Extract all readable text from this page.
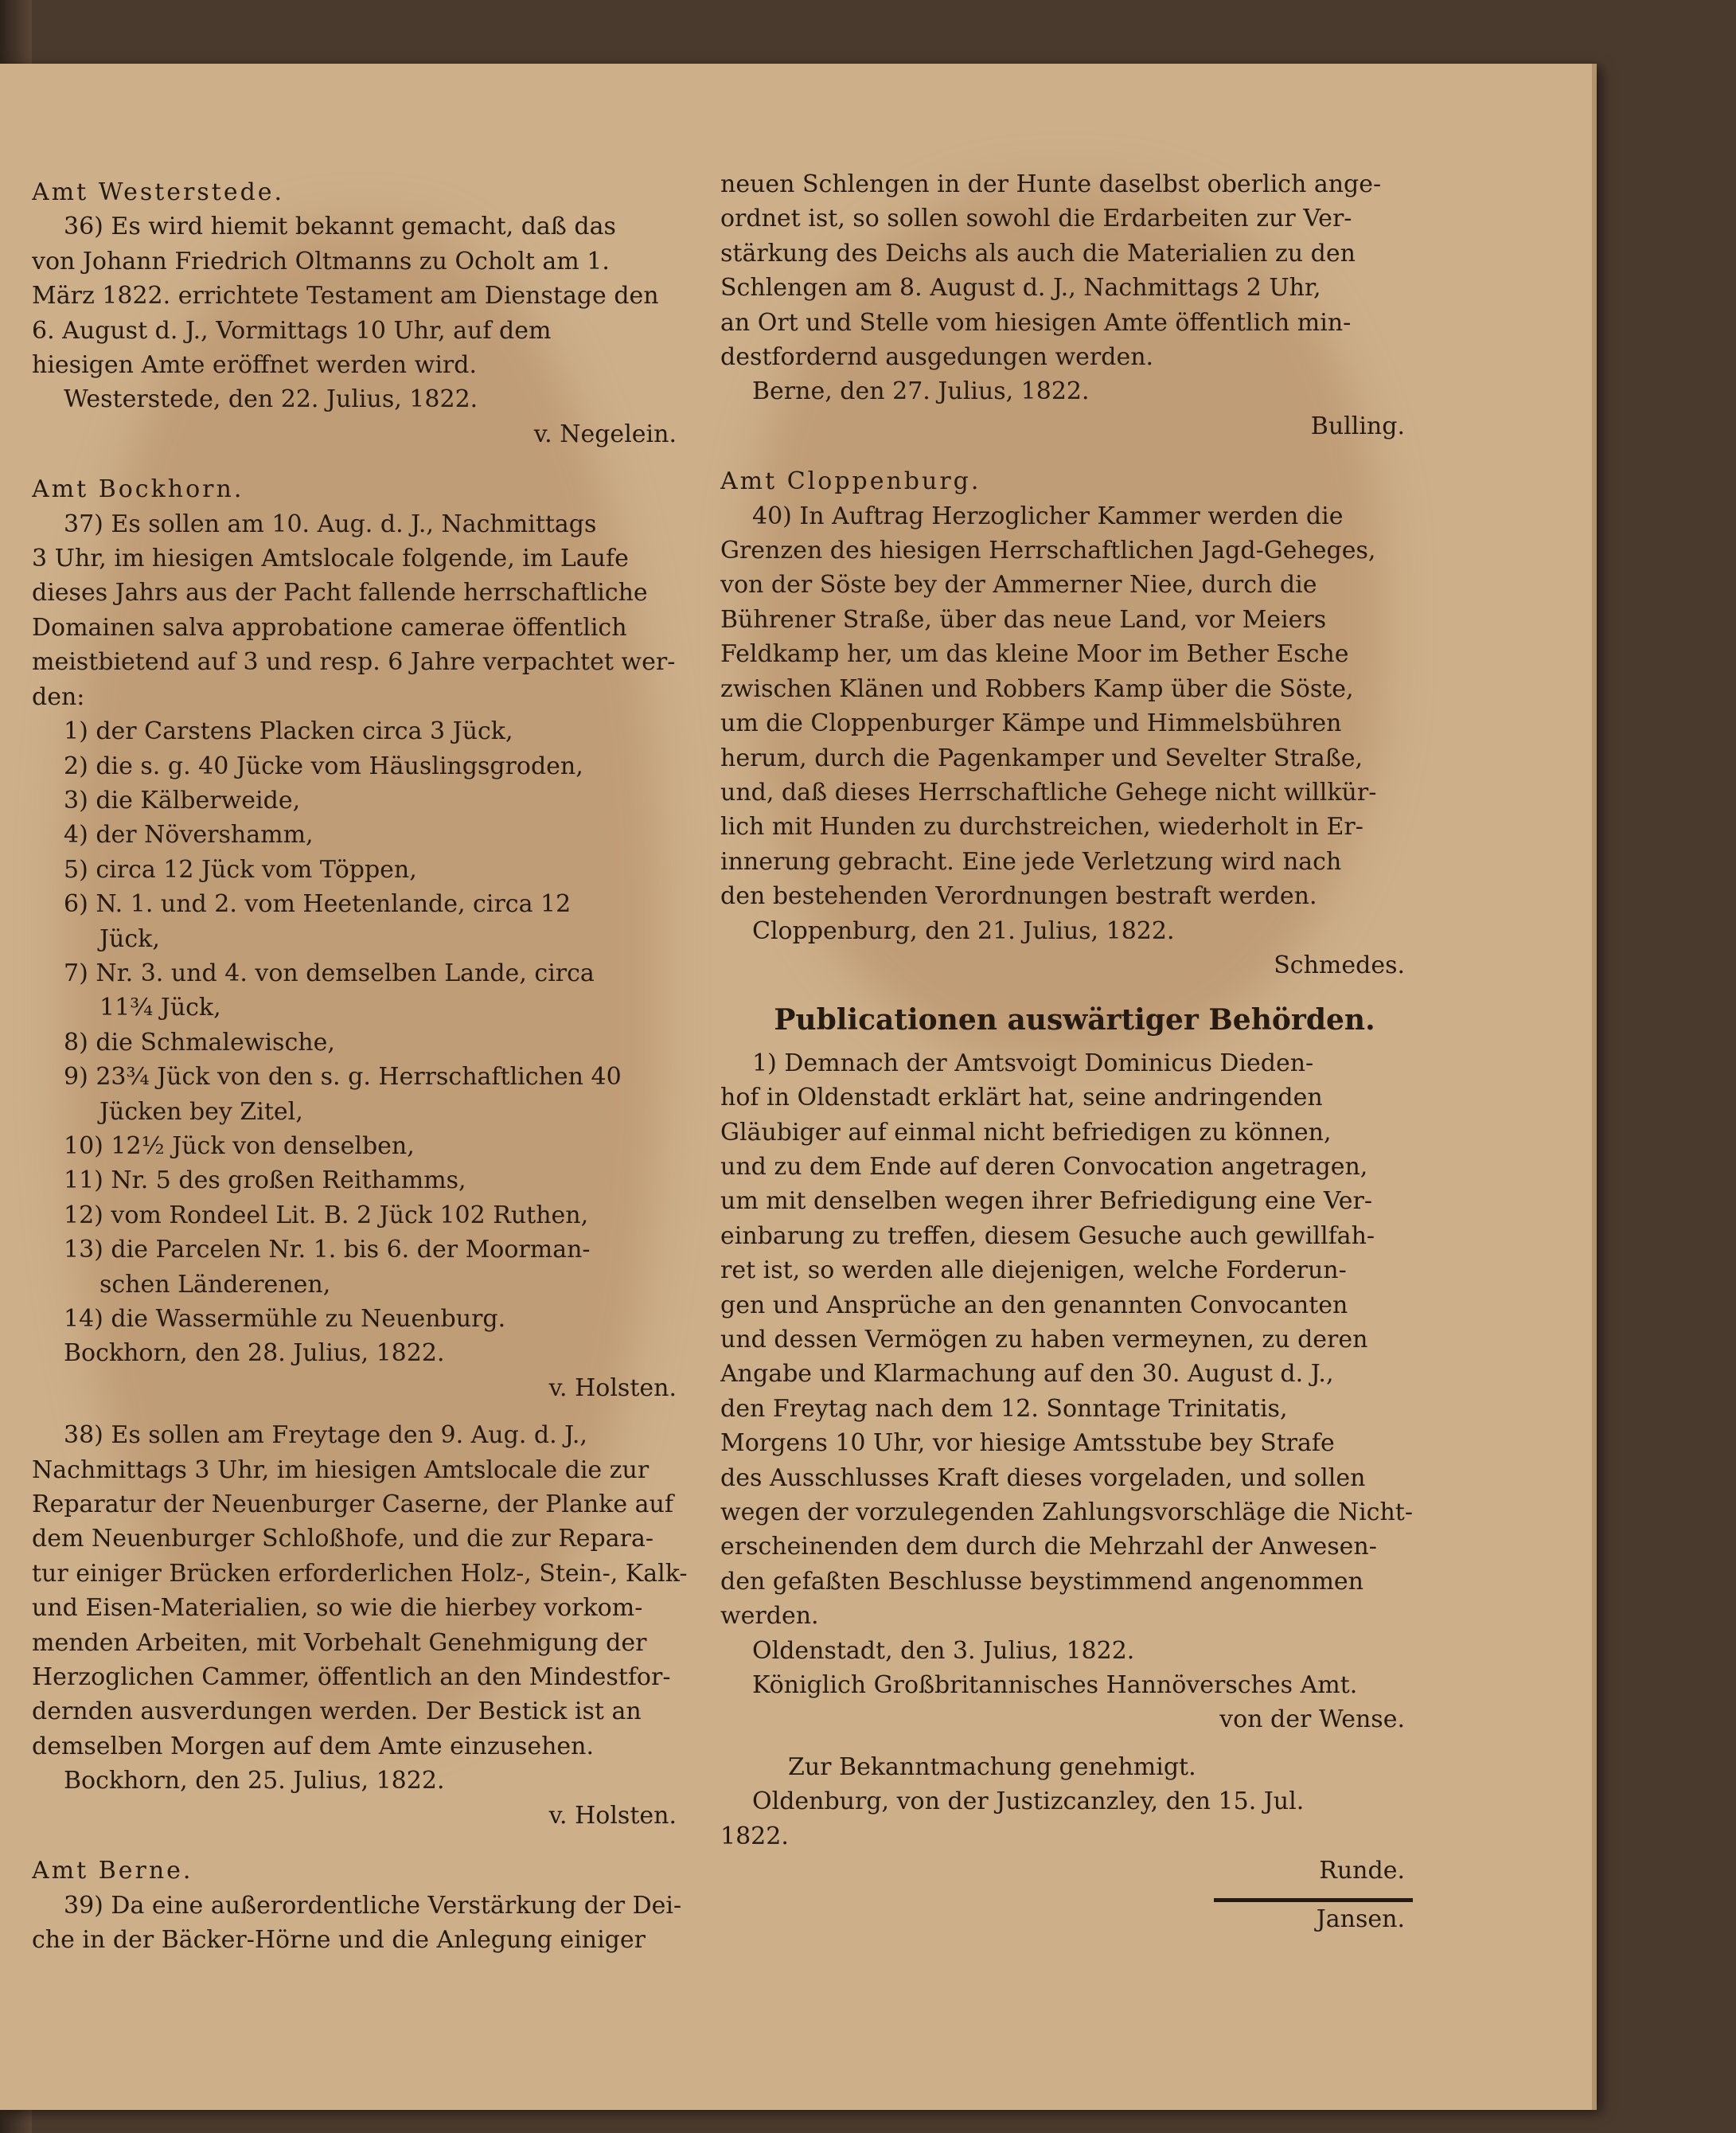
Amt Westerstede.
36) Es wird hiemit bekannt gemacht, daß das
von Johann Friedrich Oltmanns zu Ocholt am 1.
März 1822. errichtete Testament am Dienstage den
6. August d. J., Vormittags 10 Uhr, auf dem
hiesigen Amte eröffnet werden wird.
Westerstede, den 22. Julius, 1822.
v. Negelein.
Amt Bockhorn.
37) Es sollen am 10. Aug. d. J., Nachmittags
3 Uhr, im hiesigen Amtslocale folgende, im Laufe
dieses Jahrs aus der Pacht fallende herrschaftliche
Domainen salva approbatione camerae öffentlich
meistbietend auf 3 und resp. 6 Jahre verpachtet wer-
den:
1) der Carstens Placken circa 3 Jück,
2) die s. g. 40 Jücke vom Häuslingsgroden,
3) die Kälberweide,
4) der Növershamm,
5) circa 12 Jück vom Töppen,
6) N. 1. und 2. vom Heetenlande, circa 12
Jück,
7) Nr. 3. und 4. von demselben Lande, circa
11¾ Jück,
8) die Schmalewische,
9) 23¾ Jück von den s. g. Herrschaftlichen 40
Jücken bey Zitel,
10) 12½ Jück von denselben,
11) Nr. 5 des großen Reithamms,
12) vom Rondeel Lit. B. 2 Jück 102 Ruthen,
13) die Parcelen Nr. 1. bis 6. der Moorman-
schen Länderenen,
14) die Wassermühle zu Neuenburg.
Bockhorn, den 28. Julius, 1822.
v. Holsten.
38) Es sollen am Freytage den 9. Aug. d. J.,
Nachmittags 3 Uhr, im hiesigen Amtslocale die zur
Reparatur der Neuenburger Caserne, der Planke auf
dem Neuenburger Schloßhofe, und die zur Repara-
tur einiger Brücken erforderlichen Holz-, Stein-, Kalk-
und Eisen-Materialien, so wie die hierbey vorkom-
menden Arbeiten, mit Vorbehalt Genehmigung der
Herzoglichen Cammer, öffentlich an den Mindestfor-
dernden ausverdungen werden. Der Bestick ist an
demselben Morgen auf dem Amte einzusehen.
Bockhorn, den 25. Julius, 1822.
v. Holsten.
Amt Berne.
39) Da eine außerordentliche Verstärkung der Dei-
che in der Bäcker-Hörne und die Anlegung einiger
neuen Schlengen in der Hunte daselbst oberlich ange-
ordnet ist, so sollen sowohl die Erdarbeiten zur Ver-
stärkung des Deichs als auch die Materialien zu den
Schlengen am 8. August d. J., Nachmittags 2 Uhr,
an Ort und Stelle vom hiesigen Amte öffentlich min-
destfordernd ausgedungen werden.
Berne, den 27. Julius, 1822.
Bulling.
Amt Cloppenburg.
40) In Auftrag Herzoglicher Kammer werden die
Grenzen des hiesigen Herrschaftlichen Jagd-Geheges,
von der Söste bey der Ammerner Niee, durch die
Bührener Straße, über das neue Land, vor Meiers
Feldkamp her, um das kleine Moor im Bether Esche
zwischen Klänen und Robbers Kamp über die Söste,
um die Cloppenburger Kämpe und Himmelsbühren
herum, durch die Pagenkamper und Sevelter Straße,
und, daß dieses Herrschaftliche Gehege nicht willkür-
lich mit Hunden zu durchstreichen, wiederholt in Er-
innerung gebracht. Eine jede Verletzung wird nach
den bestehenden Verordnungen bestraft werden.
Cloppenburg, den 21. Julius, 1822.
Schmedes.
Publicationen auswärtiger Behörden.
1) Demnach der Amtsvoigt Dominicus Dieden-
hof in Oldenstadt erklärt hat, seine andringenden
Gläubiger auf einmal nicht befriedigen zu können,
und zu dem Ende auf deren Convocation angetragen,
um mit denselben wegen ihrer Befriedigung eine Ver-
einbarung zu treffen, diesem Gesuche auch gewillfah-
ret ist, so werden alle diejenigen, welche Forderun-
gen und Ansprüche an den genannten Convocanten
und dessen Vermögen zu haben vermeynen, zu deren
Angabe und Klarmachung auf den 30. August d. J.,
den Freytag nach dem 12. Sonntage Trinitatis,
Morgens 10 Uhr, vor hiesige Amtsstube bey Strafe
des Ausschlusses Kraft dieses vorgeladen, und sollen
wegen der vorzulegenden Zahlungsvorschläge die Nicht-
erscheinenden dem durch die Mehrzahl der Anwesen-
den gefaßten Beschlusse beystimmend angenommen
werden.
Oldenstadt, den 3. Julius, 1822.
Königlich Großbritannisches Hannöversches Amt.
von der Wense.
Zur Bekanntmachung genehmigt.
Oldenburg, von der Justizcanzley, den 15. Jul.
1822.
Runde.
Jansen.
